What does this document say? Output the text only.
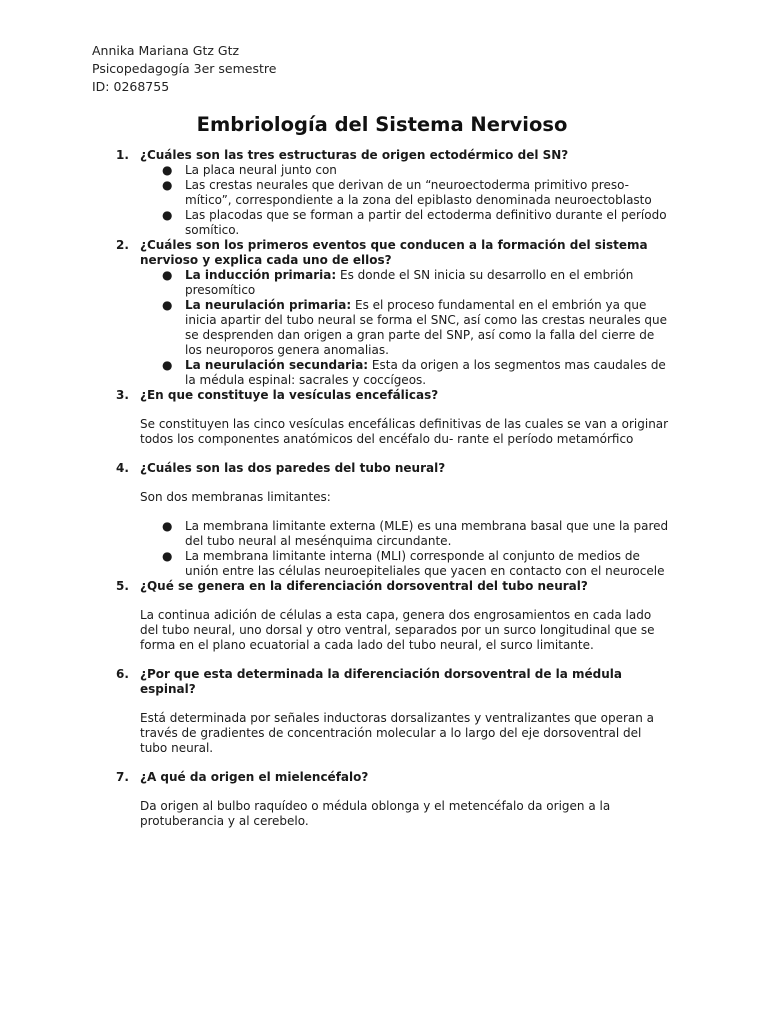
Annika Mariana Gtz Gtz
Psicopedagogía 3er semestre
ID: 0268755
Embriología del Sistema Nervioso
1. ¿Cuáles son las tres estructuras de origen ectodérmico del SN?
● La placa neural junto con
● Las crestas neurales que derivan de un “neuroectoderma primitivo preso- mítico”, correspondiente a la zona del epiblasto denominada neuroectoblasto
● Las placodas que se forman a partir del ectoderma definitivo durante el período somítico.
2. ¿Cuáles son los primeros eventos que conducen a la formación del sistema nervioso y explica cada uno de ellos?
● La inducción primaria: Es donde el SN inicia su desarrollo en el embrión presomítico
● La neurulación primaria: Es el proceso fundamental en el embrión ya que inicia apartir del tubo neural se forma el SNC, así como las crestas neurales que se desprenden dan origen a gran parte del SNP, así como la falla del cierre de los neuroporos genera anomalias.
● La neurulación secundaria: Esta da origen a los segmentos mas caudales de la médula espinal: sacrales y coccígeos.
3. ¿En que constituye la vesículas encefálicas?
Se constituyen las cinco vesículas encefálicas definitivas de las cuales se van a originar todos los componentes anatómicos del encéfalo du- rante el período metamórfico
4. ¿Cuáles son las dos paredes del tubo neural?
Son dos membranas limitantes:
● La membrana limitante externa (MLE) es una membrana basal que une la pared del tubo neural al mesénquima circundante.
● La membrana limitante interna (MLI) corresponde al conjunto de medios de unión entre las células neuroepiteliales que yacen en contacto con el neurocele
5. ¿Qué se genera en la diferenciación dorsoventral del tubo neural?
La continua adición de células a esta capa, genera dos engrosamientos en cada lado del tubo neural, uno dorsal y otro ventral, separados por un surco longitudinal que se forma en el plano ecuatorial a cada lado del tubo neural, el surco limitante.
6. ¿Por que esta determinada la diferenciación dorsoventral de la médula espinal?
Está determinada por señales inductoras dorsalizantes y ventralizantes que operan a través de gradientes de concentración molecular a lo largo del eje dorsoventral del tubo neural.
7. ¿A qué da origen el mielencéfalo?
Da origen al bulbo raquídeo o médula oblonga y el metencéfalo da origen a la protuberancia y al cerebelo.
